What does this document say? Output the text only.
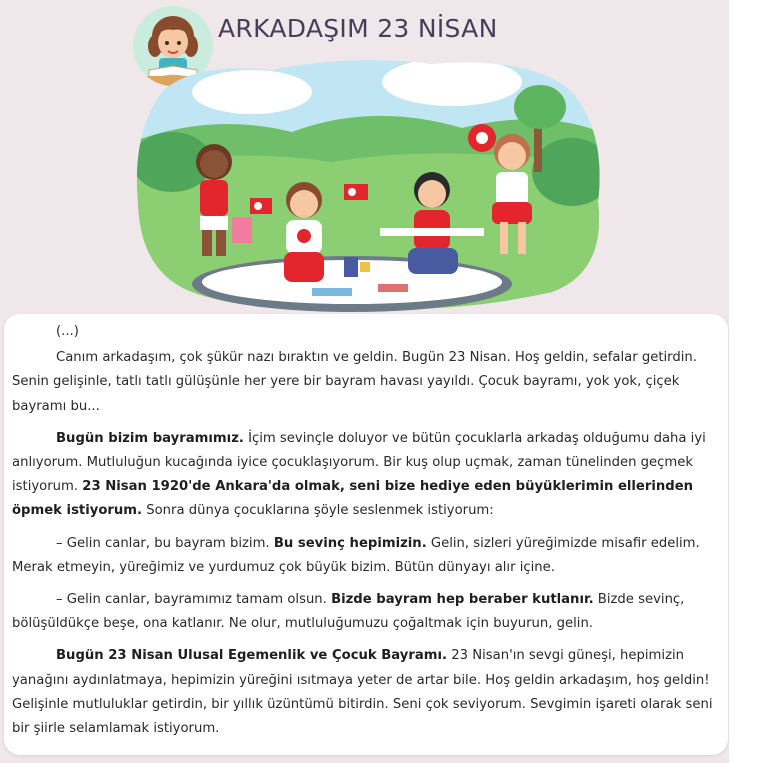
ARKADAŞIM 23 NİSAN

(...)

Canım arkadaşım, çok şükür nazı bıraktın ve geldin. Bugün 23 Nisan. Hoş geldin, sefalar getirdin. Senin gelişinle, tatlı tatlı gülüşünle her yere bir bayram havası yayıldı. Çocuk bayramı, yok yok, çiçek bayramı bu...

Bugün bizim bayramımız. İçim sevinçle doluyor ve bütün çocuklarla arkadaş olduğumu daha iyi anlıyorum. Mutluluğun kucağında iyice çocuklaşıyorum. Bir kuş olup uçmak, zaman tünelinden geçmek istiyorum. 23 Nisan 1920'de Ankara'da olmak, seni bize hediye eden büyüklerimin ellerinden öpmek istiyorum. Sonra dünya çocuklarına şöyle seslenmek istiyorum:

– Gelin canlar, bu bayram bizim. Bu sevinç hepimizin. Gelin, sizleri yüreğimizde misafir edelim. Merak etmeyin, yüreğimiz ve yurdumuz çok büyük bizim. Bütün dünyayı alır içine.

– Gelin canlar, bayramımız tamam olsun. Bizde bayram hep beraber kutlanır. Bizde sevinç, bölüşüldükçe beşe, ona katlanır. Ne olur, mutluluğumuzu çoğaltmak için buyurun, gelin.

Bugün 23 Nisan Ulusal Egemenlik ve Çocuk Bayramı. 23 Nisan'ın sevgi güneşi, hepimizin yanağını aydınlatmaya, hepimizin yüreğini ısıtmaya yeter de artar bile. Hoş geldin arkadaşım, hoş geldin! Gelişinle mutluluklar getirdin, bir yıllık üzüntümü bitirdin. Seni çok seviyorum. Sevgimin işareti olarak seni bir şiirle selamlamak istiyorum.
